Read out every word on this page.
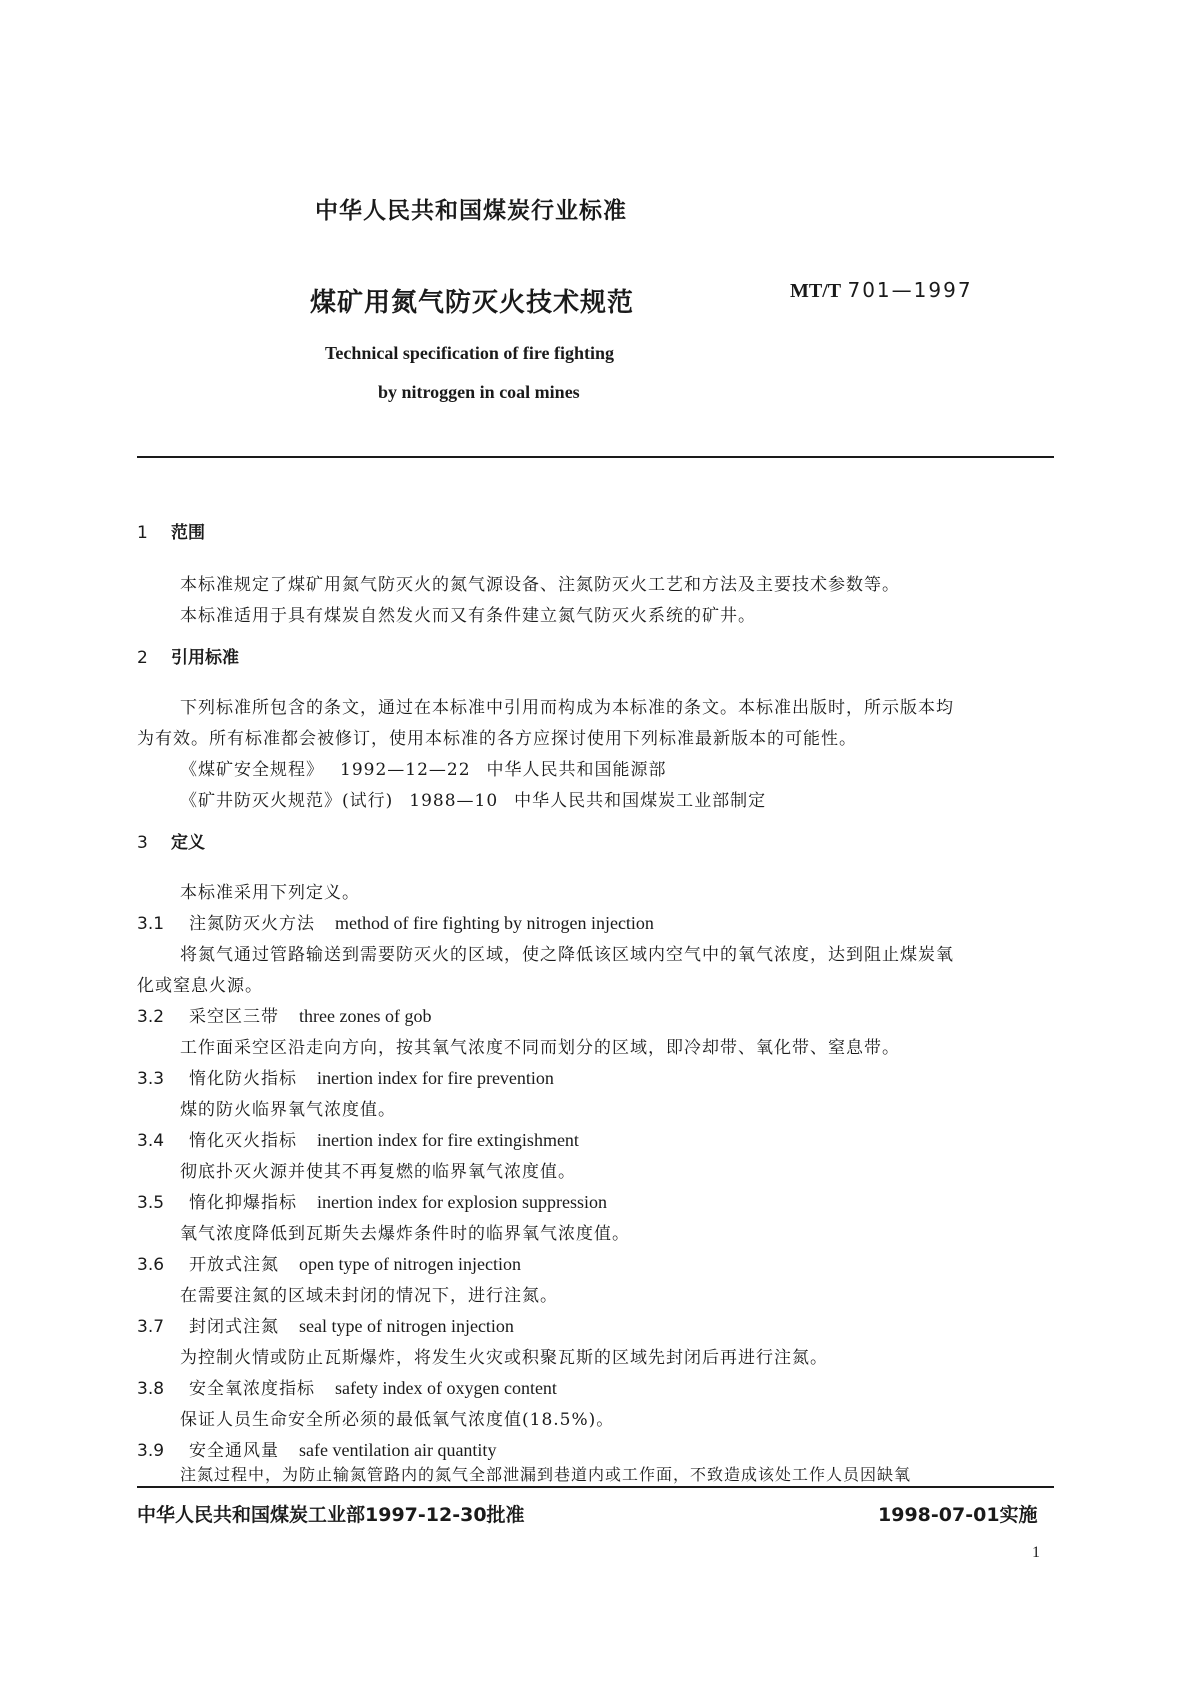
中华人民共和国煤炭行业标准
煤矿用氮气防灭火技术规范	MT/T 701—1997
Technical specification of fire fighting
by nitroggen in coal mines
1 范围
本标准规定了煤矿用氮气防灭火的氮气源设备、注氮防灭火工艺和方法及主要技术参数等。
本标准适用于具有煤炭自然发火而又有条件建立氮气防灭火系统的矿井。
2 引用标准
下列标准所包含的条文，通过在本标准中引用而构成为本标准的条文。本标准出版时，所示版本均
为有效。所有标准都会被修订，使用本标准的各方应探讨使用下列标准最新版本的可能性。
《煤矿安全规程》 1992—12—22 中华人民共和国能源部
《矿井防灭火规范》(试行) 1988—10 中华人民共和国煤炭工业部制定
3 定义
本标准采用下列定义。
3.1 注氮防灭火方法 method of fire fighting by nitrogen injection
将氮气通过管路输送到需要防灭火的区域，使之降低该区域内空气中的氧气浓度，达到阻止煤炭氧
化或窒息火源。
3.2 采空区三带 three zones of gob
工作面采空区沿走向方向，按其氧气浓度不同而划分的区域，即冷却带、氧化带、窒息带。
3.3 惰化防火指标 inertion index for fire prevention
煤的防火临界氧气浓度值。
3.4 惰化灭火指标 inertion index for fire extingishment
彻底扑灭火源并使其不再复燃的临界氧气浓度值。
3.5 惰化抑爆指标 inertion index for explosion suppression
氧气浓度降低到瓦斯失去爆炸条件时的临界氧气浓度值。
3.6 开放式注氮 open type of nitrogen injection
在需要注氮的区域未封闭的情况下，进行注氮。
3.7 封闭式注氮 seal type of nitrogen injection
为控制火情或防止瓦斯爆炸，将发生火灾或积聚瓦斯的区域先封闭后再进行注氮。
3.8 安全氧浓度指标 safety index of oxygen content
保证人员生命安全所必须的最低氧气浓度值(18.5%)。
3.9 安全通风量 safe ventilation air quantity
注氮过程中，为防止输氮管路内的氮气全部泄漏到巷道内或工作面，不致造成该处工作人员因缺氧
中华人民共和国煤炭工业部1997-12-30批准	1998-07-01实施
1
